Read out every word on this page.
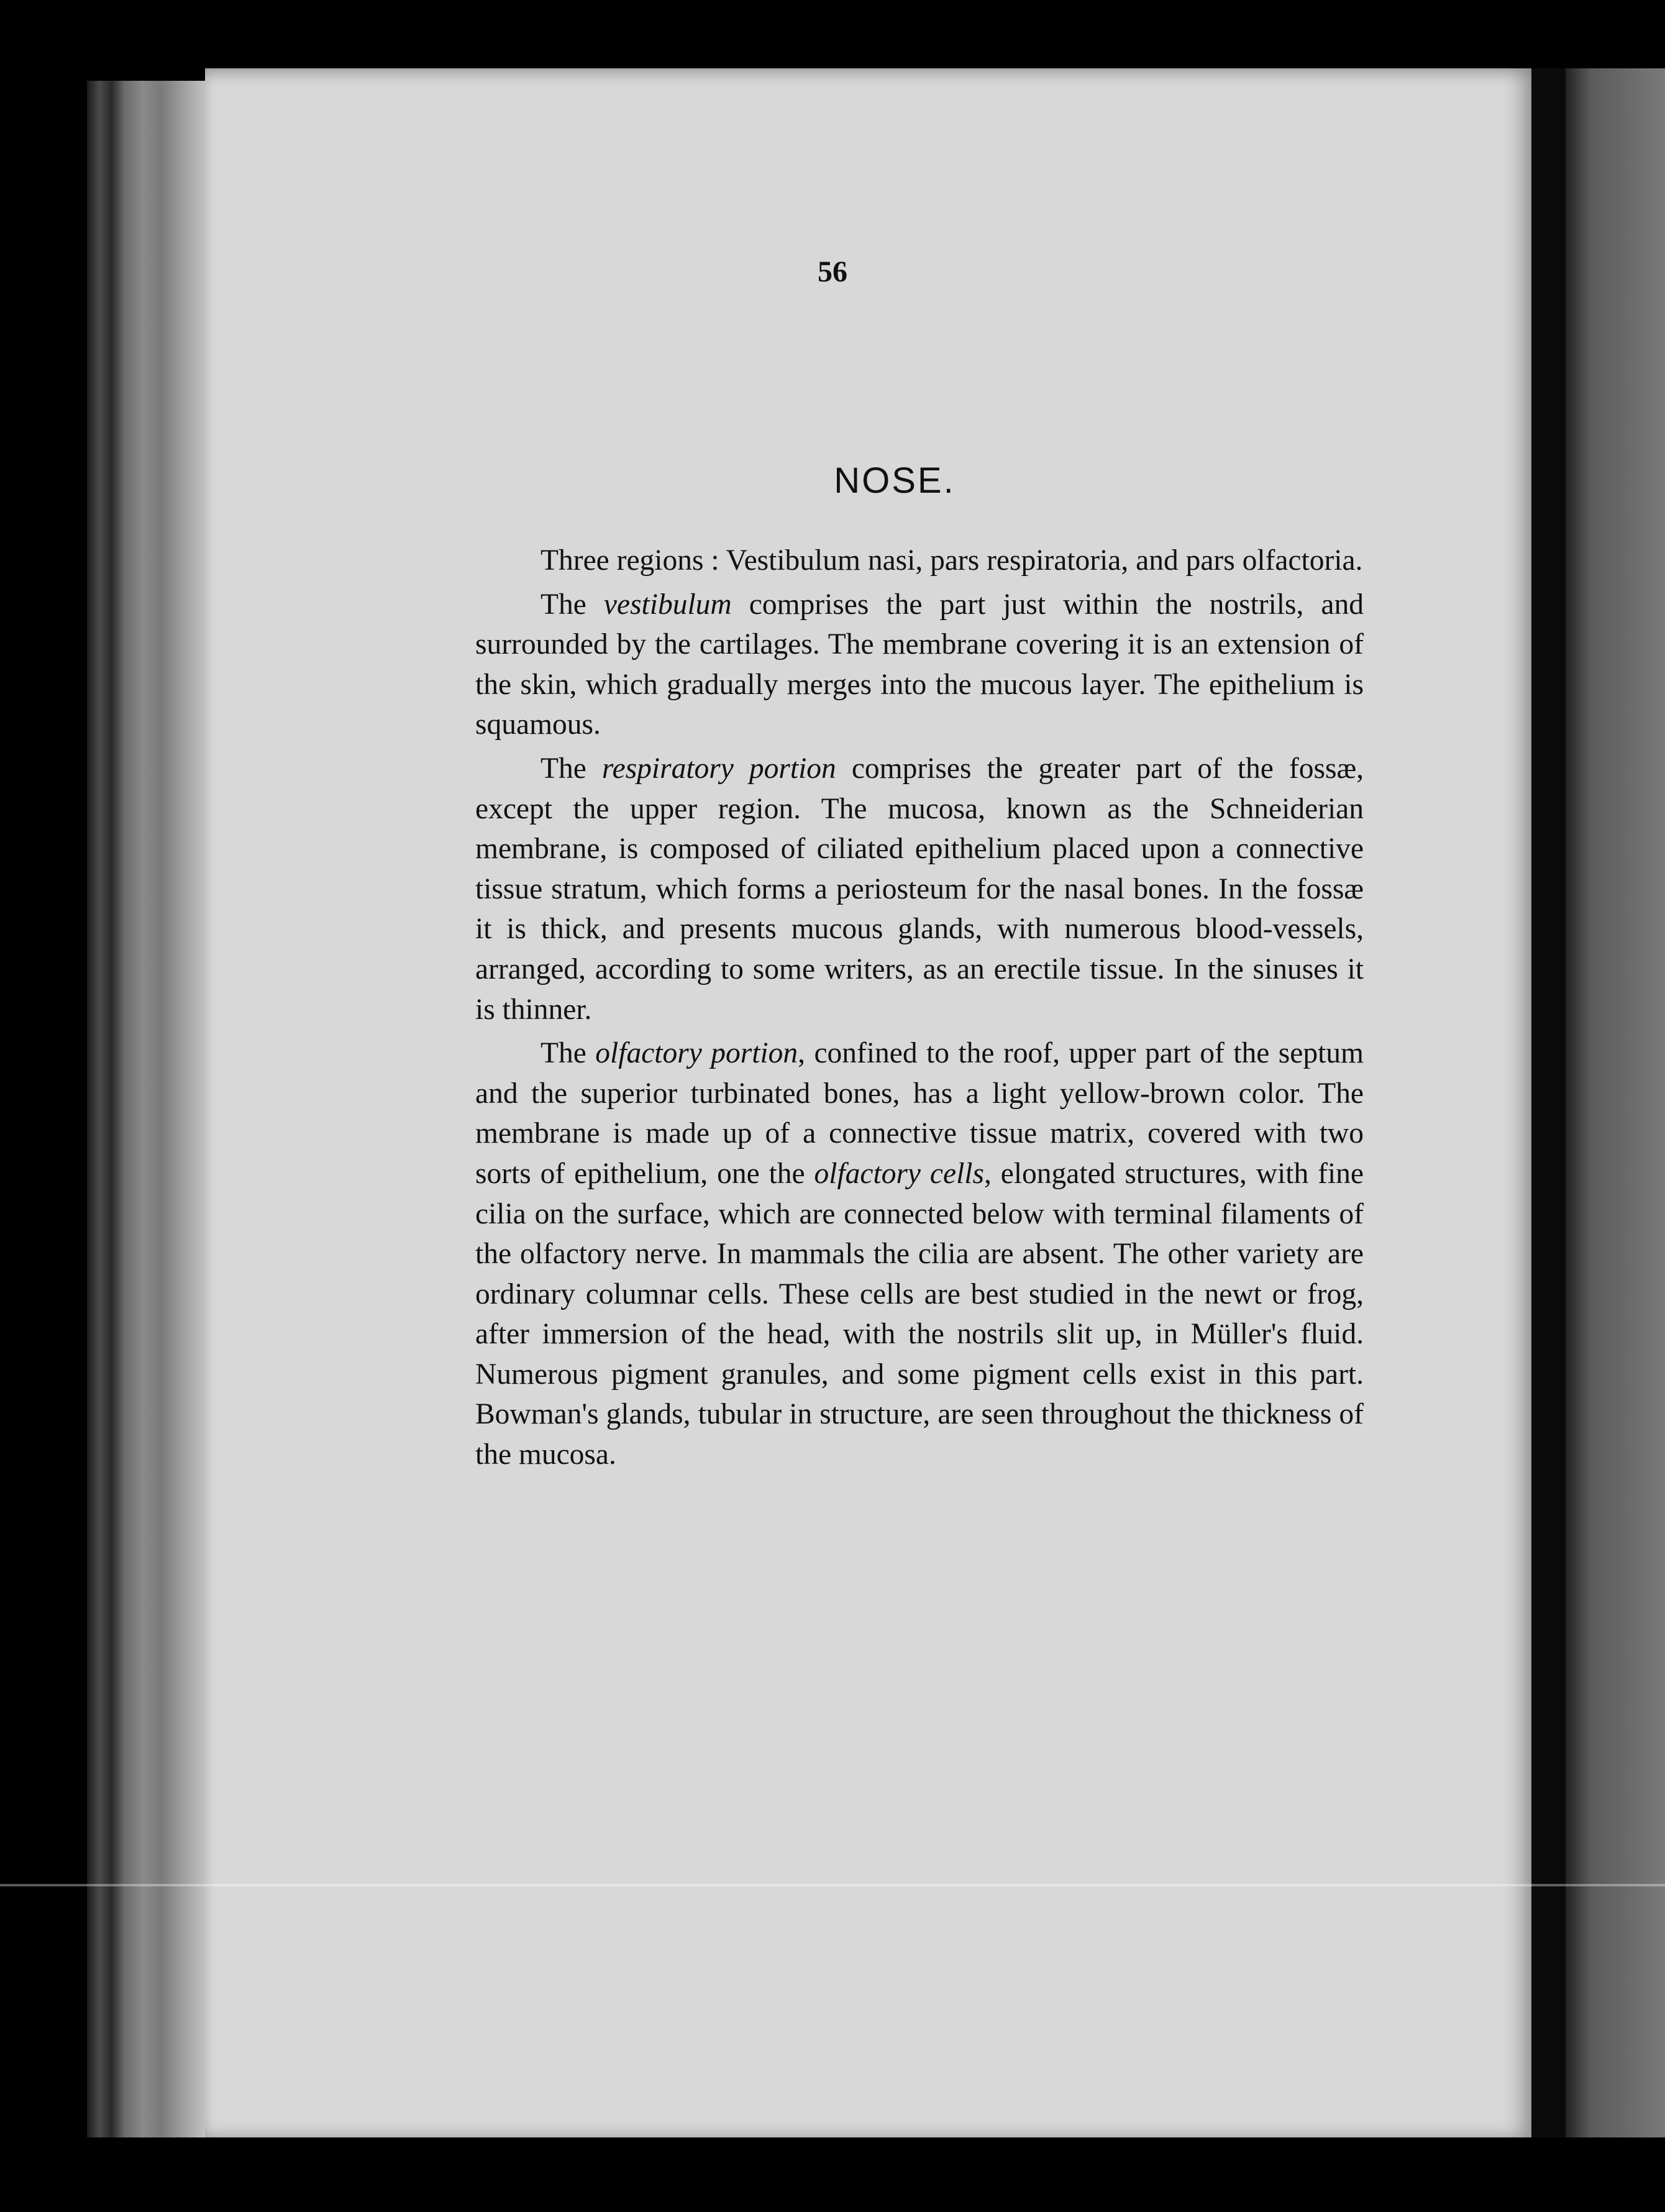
56
NOSE.

Three regions : Vestibulum nasi, pars respiratoria, and pars olfactoria.

The vestibulum comprises the part just within the nostrils, and surrounded by the cartilages. The membrane covering it is an extension of the skin, which gradually merges into the mucous layer. The epithelium is squamous.

The respiratory portion comprises the greater part of the fossæ, except the upper region. The mucosa, known as the Schneiderian membrane, is composed of ciliated epithelium placed upon a connective tissue stratum, which forms a periosteum for the nasal bones. In the fossæ it is thick, and presents mucous glands, with numerous blood-vessels, arranged, according to some writers, as an erectile tissue. In the sinuses it is thinner.

The olfactory portion, confined to the roof, upper part of the septum and the superior turbinated bones, has a light yellow-brown color. The membrane is made up of a connective tissue matrix, covered with two sorts of epithelium, one the olfactory cells, elongated structures, with fine cilia on the surface, which are connected below with terminal filaments of the olfactory nerve. In mammals the cilia are absent. The other variety are ordinary columnar cells. These cells are best studied in the newt or frog, after immersion of the head, with the nostrils slit up, in Müller's fluid. Numerous pigment granules, and some pigment cells exist in this part. Bowman's glands, tubular in structure, are seen throughout the thickness of the mucosa.
